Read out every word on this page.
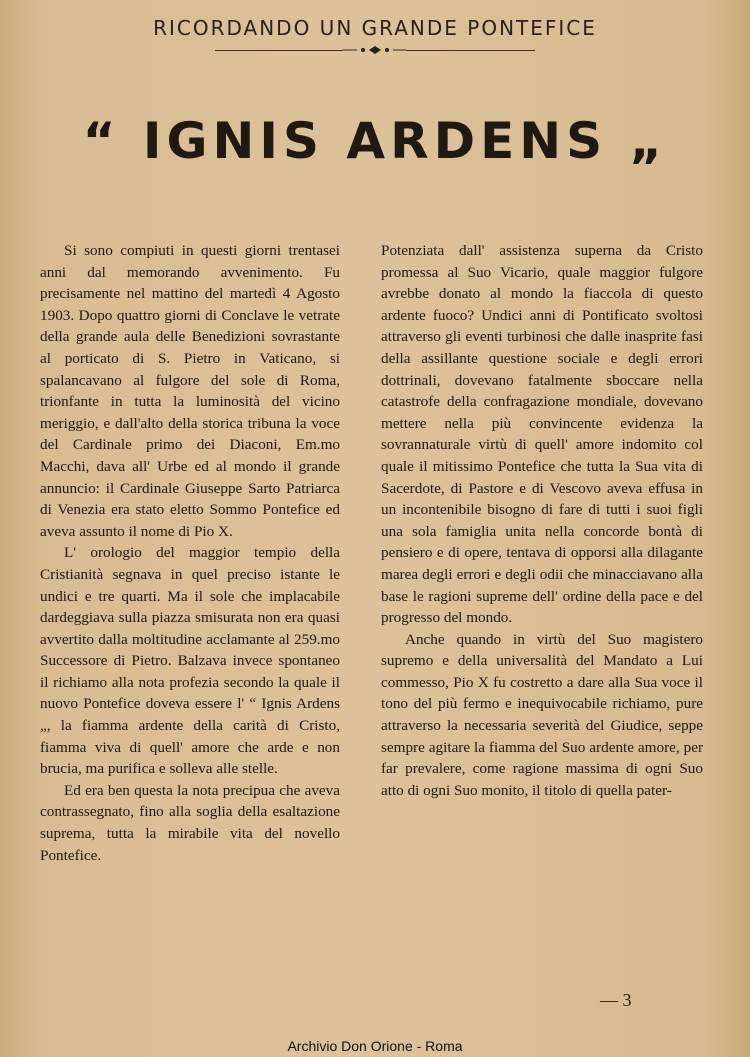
RICORDANDO UN GRANDE PONTEFICE
“ IGNIS ARDENS „

Si sono compiuti in questi giorni trentasei anni dal memorando avvenimento. Fu precisamente nel mattino del martedì 4 Agosto 1903. Dopo quattro giorni di Conclave le vetrate della grande aula delle Benedizioni sovrastante al porticato di S. Pietro in Vaticano, si spalancavano al fulgore del sole di Roma, trionfante in tutta la luminosità del vicino meriggio, e dall'alto della storica tribuna la voce del Cardinale primo dei Diaconi, Em.mo Macchi, dava all' Urbe ed al mondo il grande annuncio: il Cardinale Giuseppe Sarto Patriarca di Venezia era stato eletto Sommo Pontefice ed aveva assunto il nome di Pio X.

L' orologio del maggior tempio della Cristianità segnava in quel preciso istante le undici e tre quarti. Ma il sole che implacabile dardeggiava sulla piazza smisurata non era quasi avvertito dalla moltitudine acclamante al 259.mo Successore di Pietro. Balzava invece spontaneo il richiamo alla nota profezia secondo la quale il nuovo Pontefice doveva essere l' “ Ignis Ardens „, la fiamma ardente della carità di Cristo, fiamma viva di quell' amore che arde e non brucia, ma purifica e solleva alle stelle.

Ed era ben questa la nota precipua che aveva contrassegnato, fino alla soglia della esaltazione suprema, tutta la mirabile vita del novello Pontefice.

Potenziata dall' assistenza superna da Cristo promessa al Suo Vicario, quale maggior fulgore avrebbe donato al mondo la fiaccola di questo ardente fuoco? Undici anni di Pontificato svoltosi attraverso gli eventi turbinosi che dalle inasprite fasi della assillante questione sociale e degli errori dottrinali, dovevano fatalmente sboccare nella catastrofe della confragazione mondiale, dovevano mettere nella più convincente evidenza la sovrannaturale virtù di quell' amore indomito col quale il mitissimo Pontefice che tutta la Sua vita di Sacerdote, di Pastore e di Vescovo aveva effusa in un incontenibile bisogno di fare di tutti i suoi figli una sola famiglia unita nella concorde bontà di pensiero e di opere, tentava di opporsi alla dilagante marea degli errori e degli odii che minacciavano alla base le ragioni supreme dell' ordine della pace e del progresso del mondo.

Anche quando in virtù del Suo magistero supremo e della universalità del Mandato a Lui commesso, Pio X fu costretto a dare alla Sua voce il tono del più fermo e inequivocabile richiamo, pure attraverso la necessaria severità del Giudice, seppe sempre agitare la fiamma del Suo ardente amore, per far prevalere, come ragione massima di ogni Suo atto di ogni Suo monito, il titolo di quella pater-

— 3
Archivio Don Orione - Roma
